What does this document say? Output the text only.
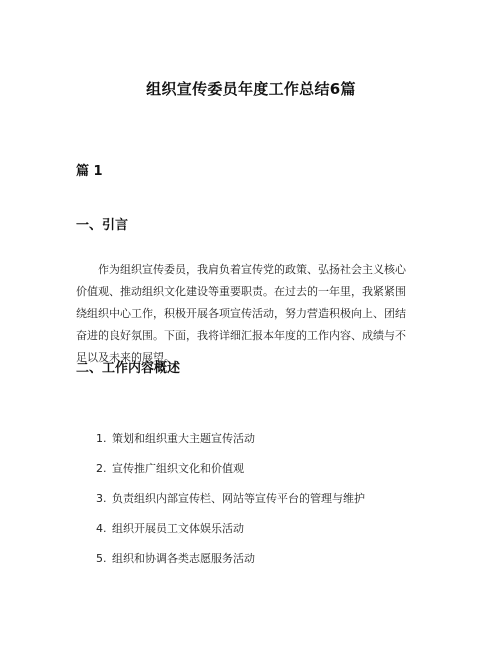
组织宣传委员年度工作总结6篇
篇 1
一、引言
作为组织宣传委员，我肩负着宣传党的政策、弘扬社会主义核心
价值观、推动组织文化建设等重要职责。在过去的一年里，我紧紧围
绕组织中心工作，积极开展各项宣传活动，努力营造积极向上、团结
奋进的良好氛围。下面，我将详细汇报本年度的工作内容、成绩与不
足以及未来的展望。
二、工作内容概述
1. 策划和组织重大主题宣传活动
2. 宣传推广组织文化和价值观
3. 负责组织内部宣传栏、网站等宣传平台的管理与维护
4. 组织开展员工文体娱乐活动
5. 组织和协调各类志愿服务活动
